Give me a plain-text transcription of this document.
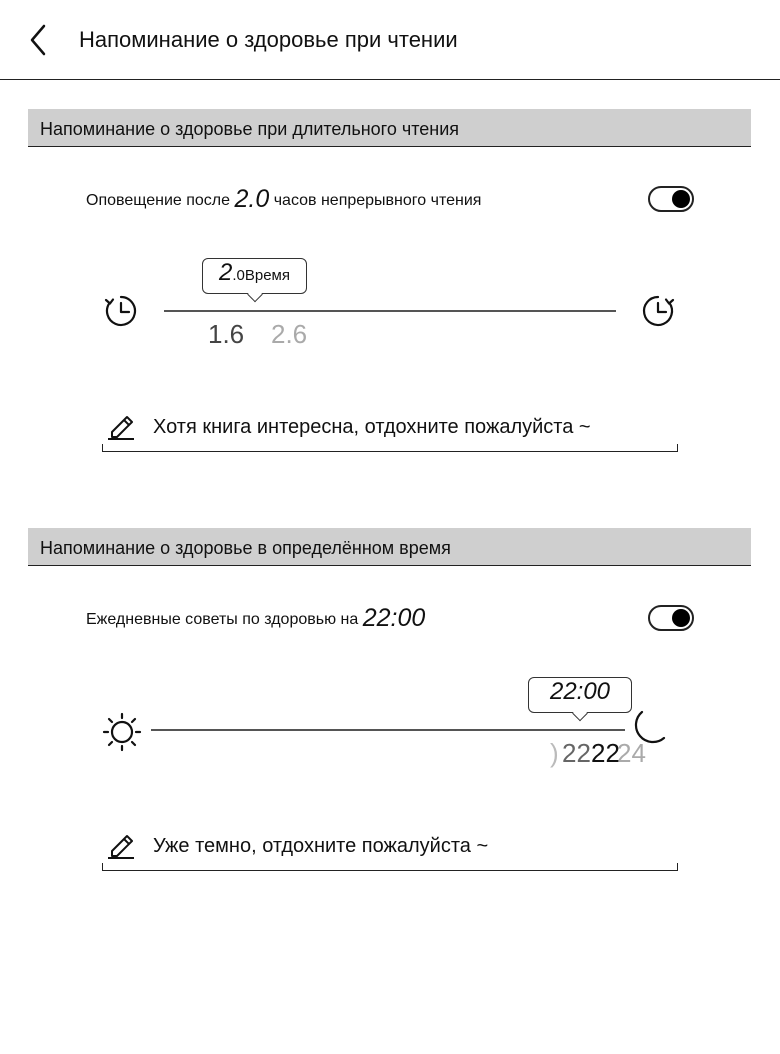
Напоминание о здоровье при чтении
Напоминание о здоровье при длительного чтения
Оповещение после 2.0 часов непрерывного чтения
2.0Время
1.6 2.6
Хотя книга интересна, отдохните пожалуйста ~
Напоминание о здоровье в определённом время
Ежедневные советы по здоровью на 22:00
22:00
) 22 22
24
Уже темно, отдохните пожалуйста ~
